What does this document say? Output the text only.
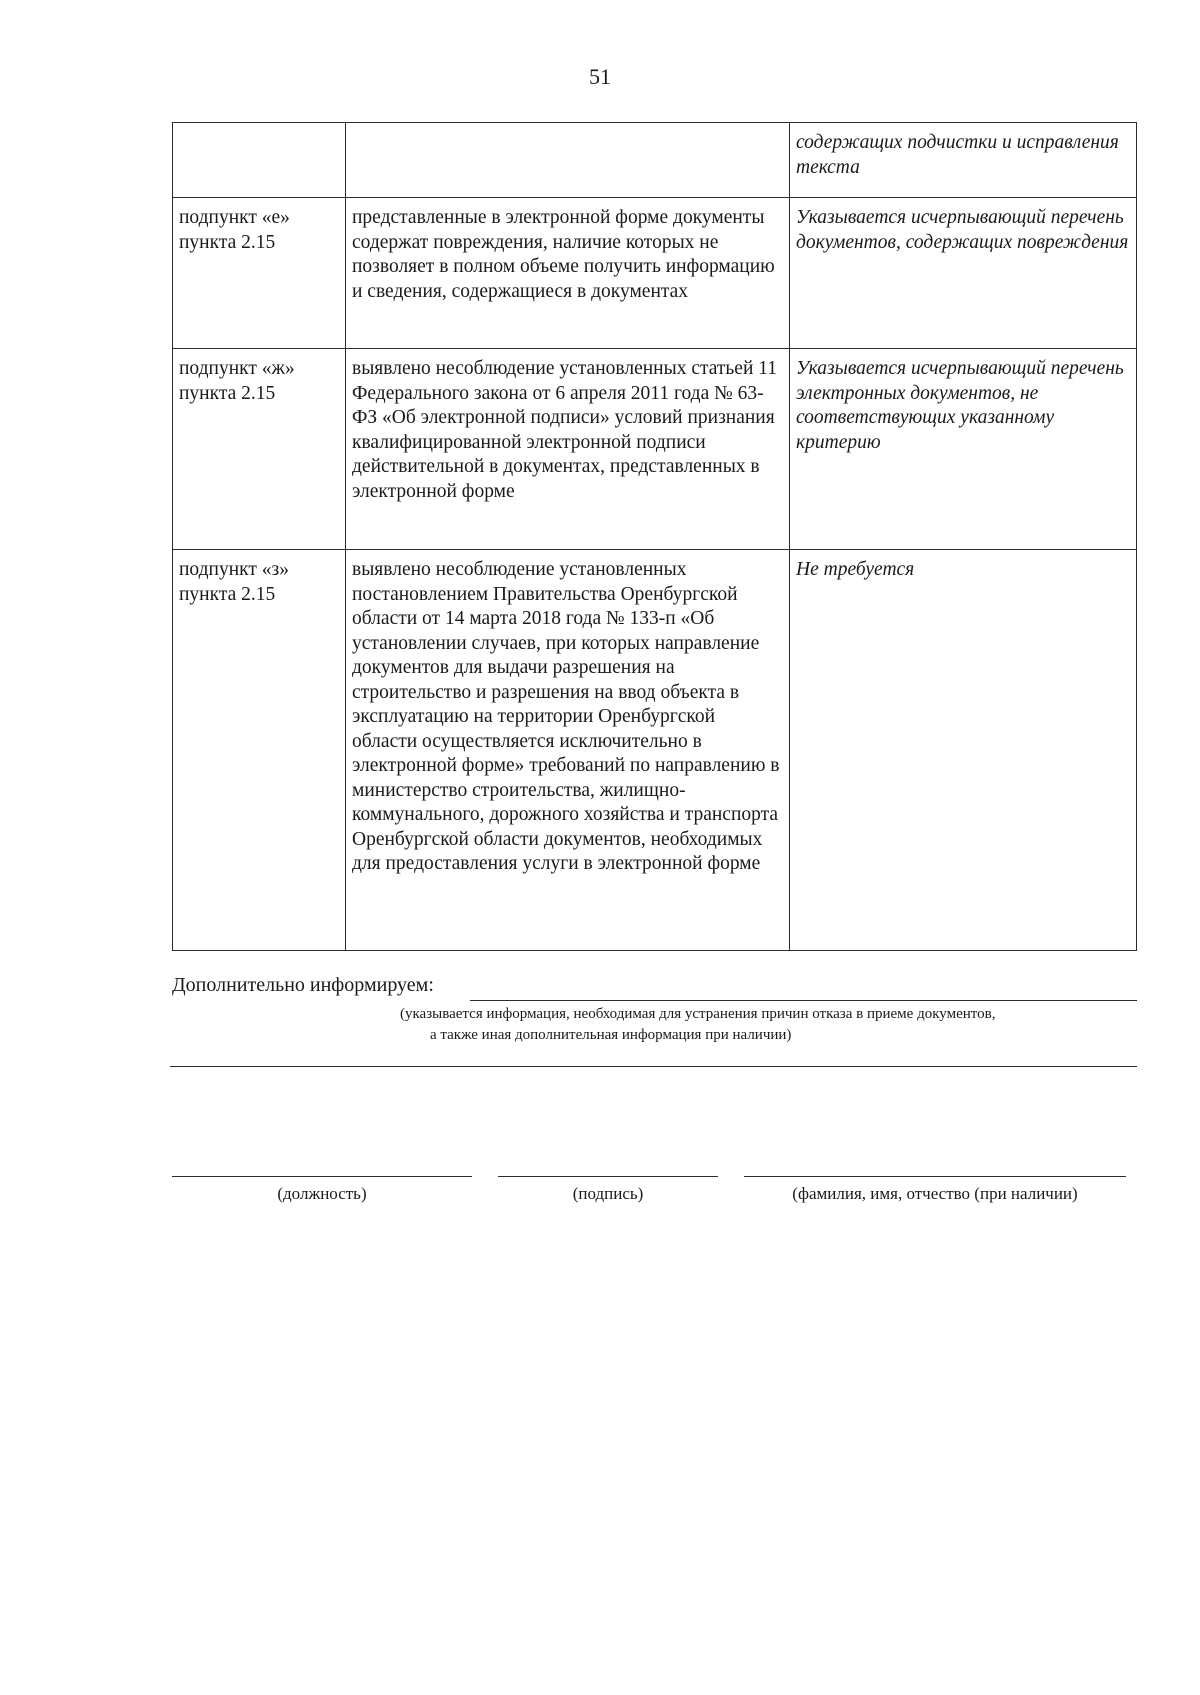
51
		содержащих подчистки и исправления текста
подпункт «е» пункта 2.15	представленные в электронной форме документы содержат повреждения, наличие которых не позволяет в полном объеме получить информацию и сведения, содержащиеся в документах	Указывается исчерпывающий перечень документов, содержащих повреждения
подпункт «ж» пункта 2.15	выявлено несоблюдение установленных статьей 11 Федерального закона от 6 апреля 2011 года № 63-ФЗ «Об электронной подписи» условий признания квалифицированной электронной подписи действительной в документах, представленных в электронной форме	Указывается исчерпывающий перечень электронных документов, не соответствующих указанному критерию
подпункт «з» пункта 2.15	выявлено несоблюдение установленных постановлением Правительства Оренбургской области от 14 марта 2018 года № 133-п «Об установлении случаев, при которых направление документов для выдачи разрешения на строительство и разрешения на ввод объекта в эксплуатацию на территории Оренбургской области осуществляется исключительно в электронной форме» требований по направлению в министерство строительства, жилищно-коммунального, дорожного хозяйства и транспорта Оренбургской области документов, необходимых для предоставления услуги в электронной форме	Не требуется
Дополнительно информируем:
(указывается информация, необходимая для устранения причин отказа в приеме документов,
а также иная дополнительная информация при наличии)
(должность)	(подпись)	(фамилия, имя, отчество (при наличии)
